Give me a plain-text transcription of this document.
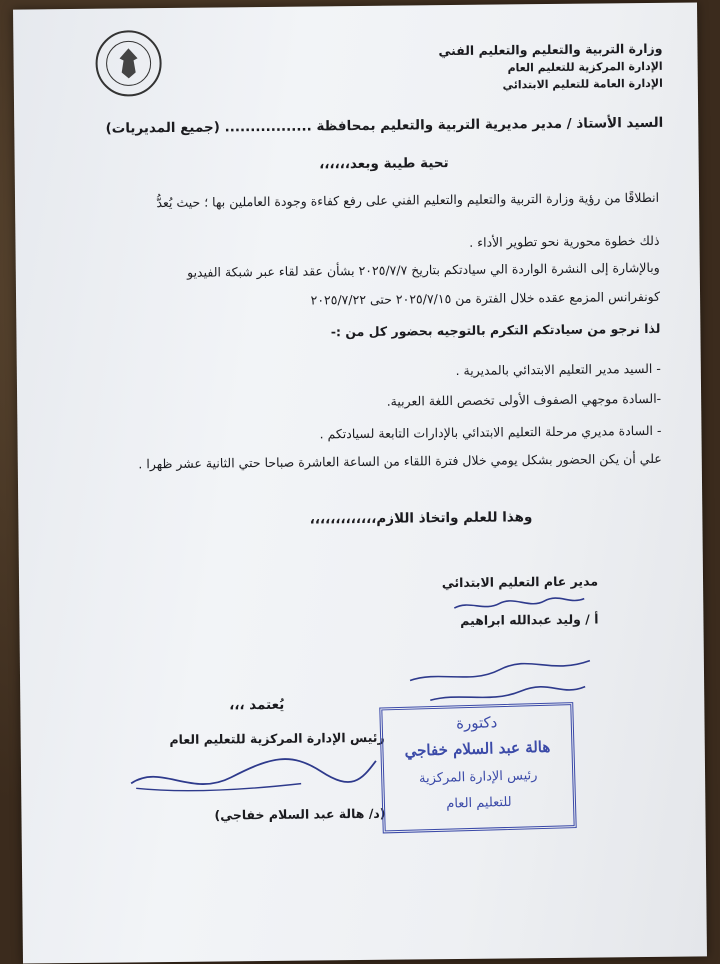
وزارة التربية والتعليم والتعليم الفني
الإدارة المركزية للتعليم العام
الإدارة العامة للتعليم الابتدائي
السيد الأستاذ / مدير مديرية التربية والتعليم بمحافظة ................. (جميع المديريات)
تحية طيبة وبعد،،،،،،
انطلاقًا من رؤية وزارة التربية والتعليم والتعليم الفني على رفع كفاءة وجودة العاملين بها ؛ حيث يُعدُّ
ذلك خطوة محورية نحو تطوير الأداء .
وبالإشارة إلى النشرة الواردة الي سيادتكم بتاريخ ٢٠٢٥/٧/٧ بشأن عقد لقاء عبر شبكة الفيديو
كونفرانس المزمع عقده خلال الفترة من ٢٠٢٥/٧/١٥ حتى ٢٠٢٥/٧/٢٢
لذا نرجو من سيادتكم التكرم بالتوجيه بحضور كل من :-
- السيد مدير التعليم الابتدائي بالمديرية .
-السادة موجهي الصفوف الأولى تخصص اللغة العربية.
- السادة مديري مرحلة التعليم الابتدائي بالإدارات التابعة لسيادتكم .
علي أن يكن الحضور بشكل يومي خلال فترة اللقاء من الساعة العاشرة صباحا حتي الثانية عشر ظهرا .
وهذا للعلم واتخاذ اللازم،،،،،،،،،،،،،
مدير عام التعليم الابتدائي
أ / وليد عبدالله ابراهيم
يُعتمد ،،،
رئيس الإدارة المركزية للتعليم العام
(د/ هالة عبد السلام خفاجي)
دكتورة
هالة عبد السلام خفاجي
رئيس الإدارة المركزية
للتعليم العام
